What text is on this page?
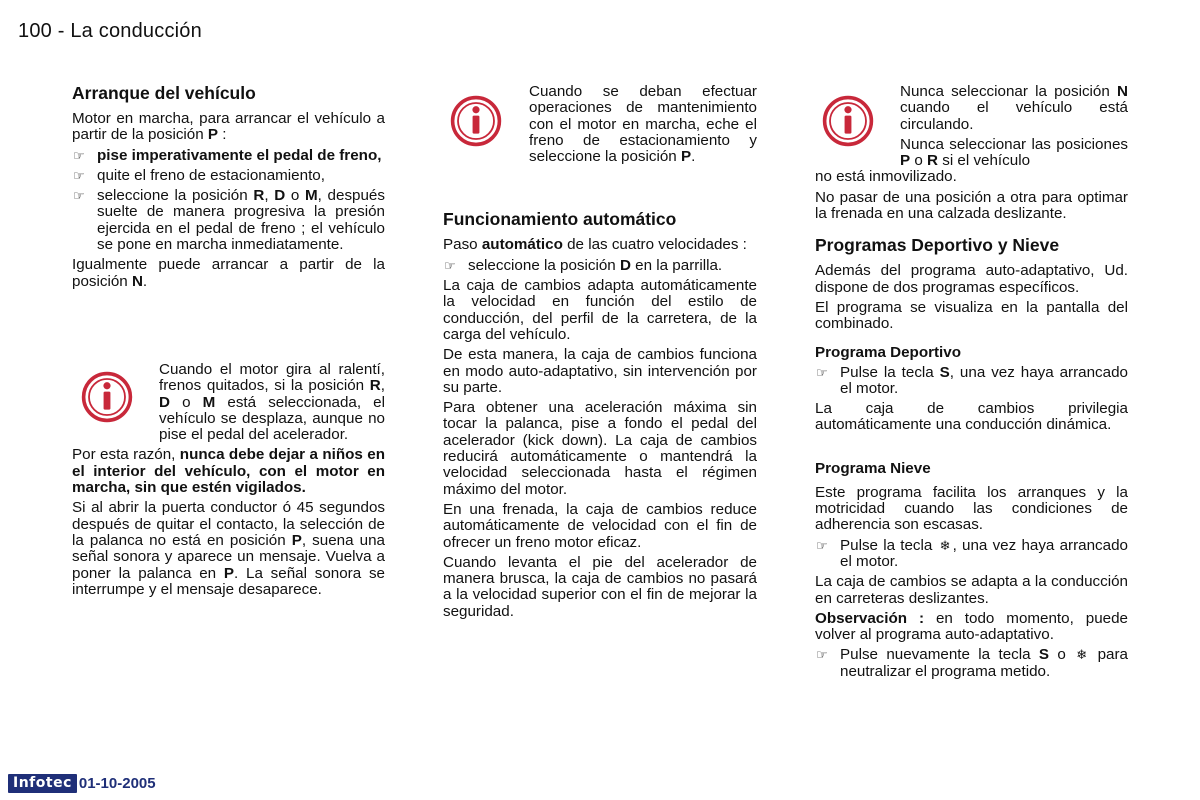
100 - La conducción
Arranque del vehículo

Motor en marcha, para arrancar el vehículo a partir de la posición P :

☞ pise imperativamente el pedal de freno,
☞ quite el freno de estacionamiento,
☞ seleccione la posición R, D o M, después suelte de manera progresiva la presión ejercida en el pedal de freno ; el vehículo se pone en marcha inmediatamente.

Igualmente puede arrancar a partir de la posición N.

Cuando el motor gira al ralentí, frenos quitados, si la posición R, D o M está seleccionada, el vehículo se desplaza, aunque no pise el pedal del acelerador.

Por esta razón, nunca debe dejar a niños en el interior del vehículo, con el motor en marcha, sin que estén vigilados.

Si al abrir la puerta conductor ó 45 segundos después de quitar el contacto, la selección de la palanca no está en posición P, suena una señal sonora y aparece un mensaje. Vuelva a poner la palanca en P. La señal sonora se interrumpe y el mensaje desaparece.

Cuando se deban efectuar operaciones de mantenimiento con el motor en marcha, eche el freno de estacionamiento y seleccione la posición P.
Funcionamiento automático

Paso automático de las cuatro velocidades :

☞ seleccione la posición D en la parrilla.

La caja de cambios adapta automáticamente la velocidad en función del estilo de conducción, del perfil de la carretera, de la carga del vehículo.

De esta manera, la caja de cambios funciona en modo auto-adaptativo, sin intervención por su parte.

Para obtener una aceleración máxima sin tocar la palanca, pise a fondo el pedal del acelerador (kick down). La caja de cambios reducirá automáticamente o mantendrá la velocidad seleccionada hasta el régimen máximo del motor.

En una frenada, la caja de cambios reduce automáticamente de velocidad con el fin de ofrecer un freno motor eficaz.

Cuando levanta el pie del acelerador de manera brusca, la caja de cambios no pasará a la velocidad superior con el fin de mejorar la seguridad.

Nunca seleccionar la posición N cuando el vehículo está circulando.

Nunca seleccionar las posiciones P o R si el vehículo

no está inmovilizado.

No pasar de una posición a otra para optimar la frenada en una calzada deslizante.

Programas Deportivo y Nieve

Además del programa auto-adaptativo, Ud. dispone de dos programas específicos.

El programa se visualiza en la pantalla del combinado.

Programa Deportivo
☞ Pulse la tecla S, una vez haya arrancado el motor.

La caja de cambios privilegia automáticamente una conducción dinámica.

Programa Nieve

Este programa facilita los arranques y la motricidad cuando las condiciones de adherencia son escasas.

☞ Pulse la tecla ❄ , una vez haya arrancado el motor.

La caja de cambios se adapta a la conducción en carreteras deslizantes.

Observación : en todo momento, puede volver al programa auto-adaptativo.

☞ Pulse nuevamente la tecla S o ❄ para neutralizar el programa metido.
Infotec 01-10-2005
